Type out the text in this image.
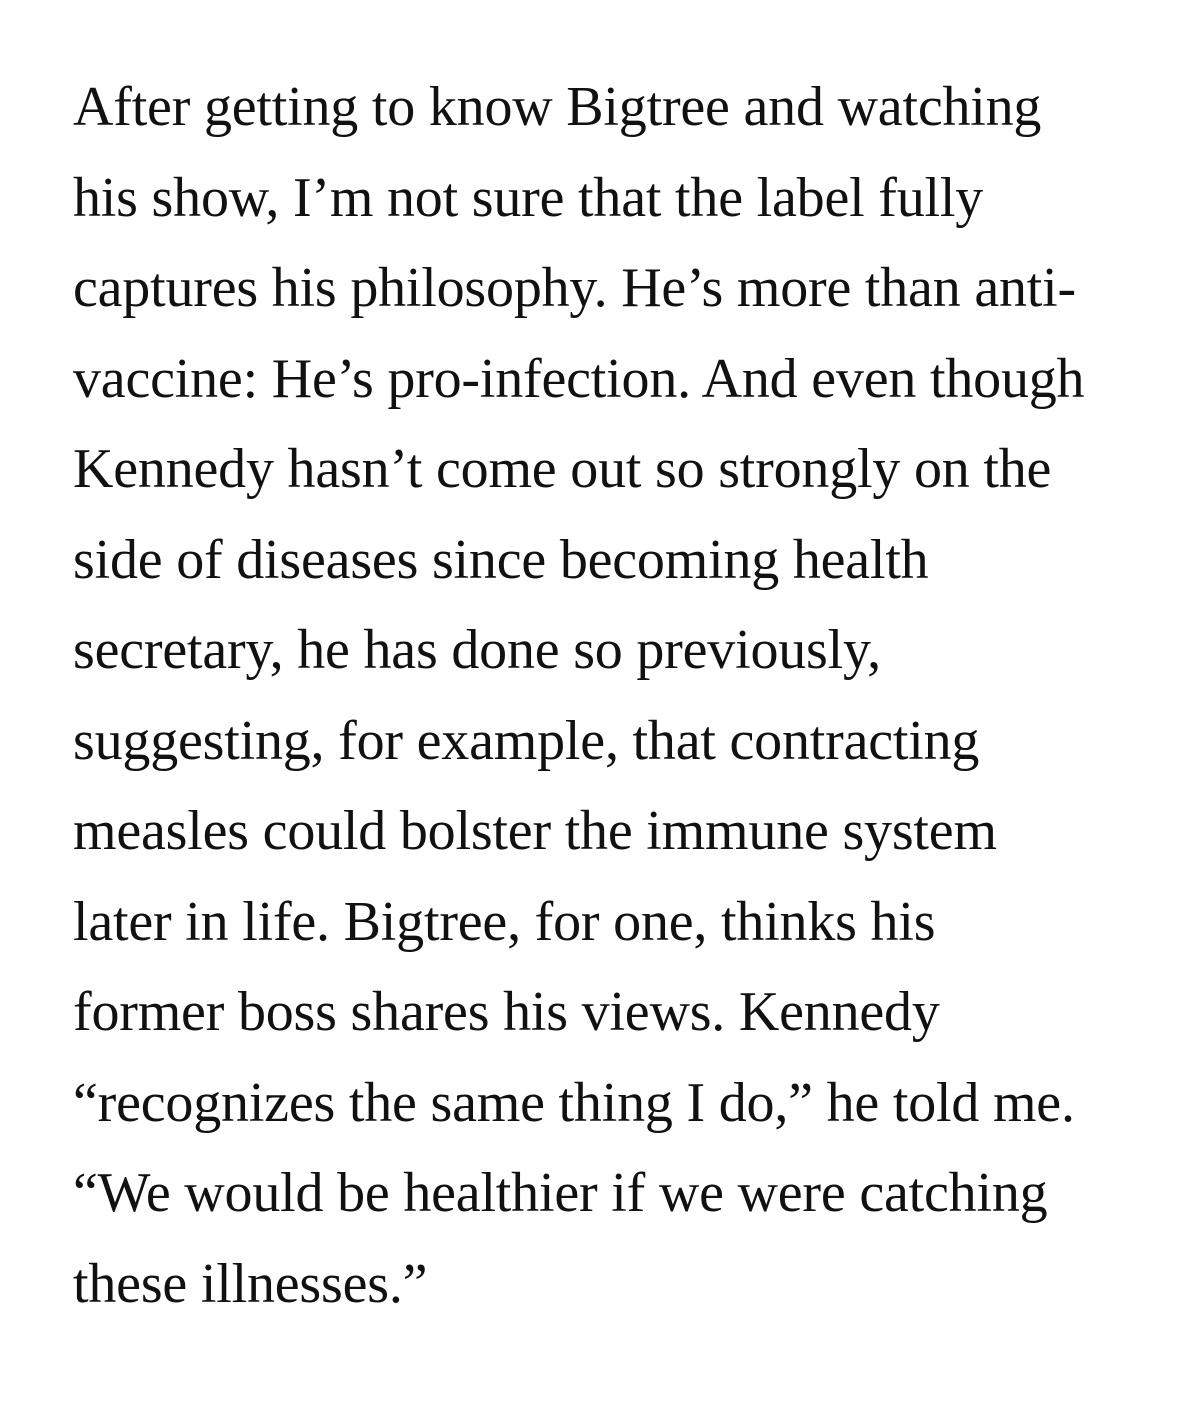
After getting to know Bigtree and watching
his show, I’m not sure that the label fully
captures his philosophy. He’s more than anti-
vaccine: He’s pro-infection. And even though
Kennedy hasn’t come out so strongly on the
side of diseases since becoming health
secretary, he has done so previously,
suggesting, for example, that contracting
measles could bolster the immune system
later in life. Bigtree, for one, thinks his
former boss shares his views. Kennedy
“recognizes the same thing I do,” he told me.
“We would be healthier if we were catching
these illnesses.”
